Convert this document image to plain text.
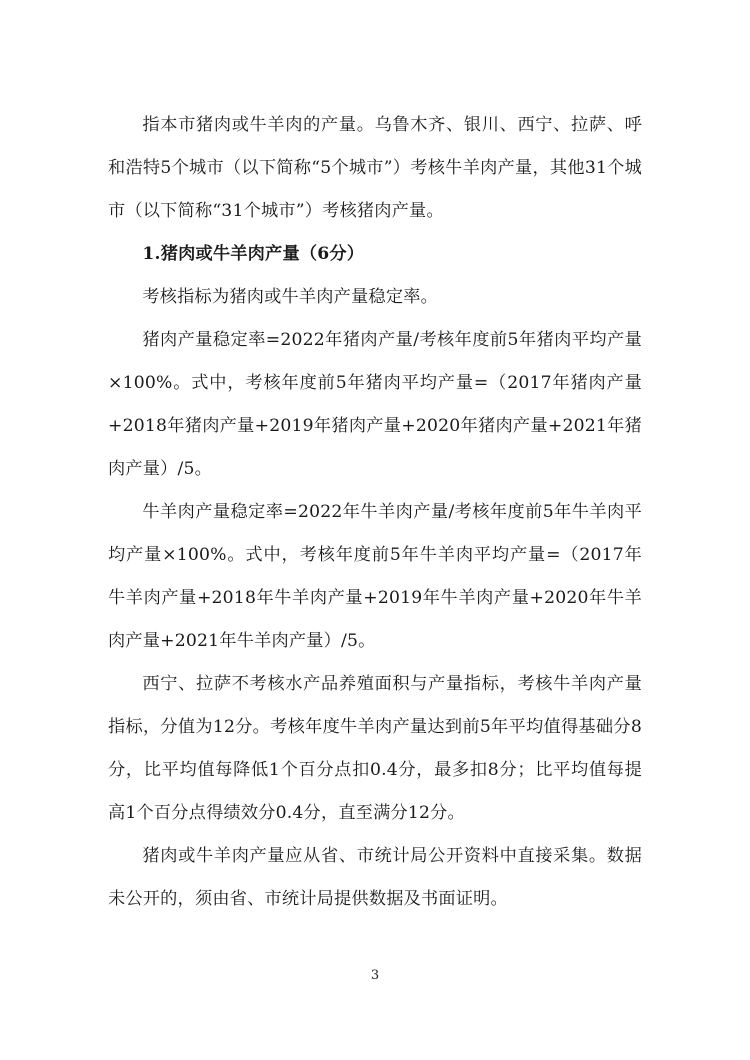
指本市猪肉或牛羊肉的产量。乌鲁木齐、银川、西宁、拉萨、呼和浩特5个城市（以下简称“5个城市”）考核牛羊肉产量，其他31个城市（以下简称“31个城市”）考核猪肉产量。

1.猪肉或牛羊肉产量（6分）

考核指标为猪肉或牛羊肉产量稳定率。

猪肉产量稳定率=2022年猪肉产量/考核年度前5年猪肉平均产量×100%。式中，考核年度前5年猪肉平均产量=（2017年猪肉产量+2018年猪肉产量+2019年猪肉产量+2020年猪肉产量+2021年猪肉产量）/5。

牛羊肉产量稳定率=2022年牛羊肉产量/考核年度前5年牛羊肉平均产量×100%。式中，考核年度前5年牛羊肉平均产量=（2017年牛羊肉产量+2018年牛羊肉产量+2019年牛羊肉产量+2020年牛羊肉产量+2021年牛羊肉产量）/5。

西宁、拉萨不考核水产品养殖面积与产量指标，考核牛羊肉产量指标，分值为12分。考核年度牛羊肉产量达到前5年平均值得基础分8分，比平均值每降低1个百分点扣0.4分，最多扣8分；比平均值每提高1个百分点得绩效分0.4分，直至满分12分。

猪肉或牛羊肉产量应从省、市统计局公开资料中直接采集。数据未公开的，须由省、市统计局提供数据及书面证明。

3
